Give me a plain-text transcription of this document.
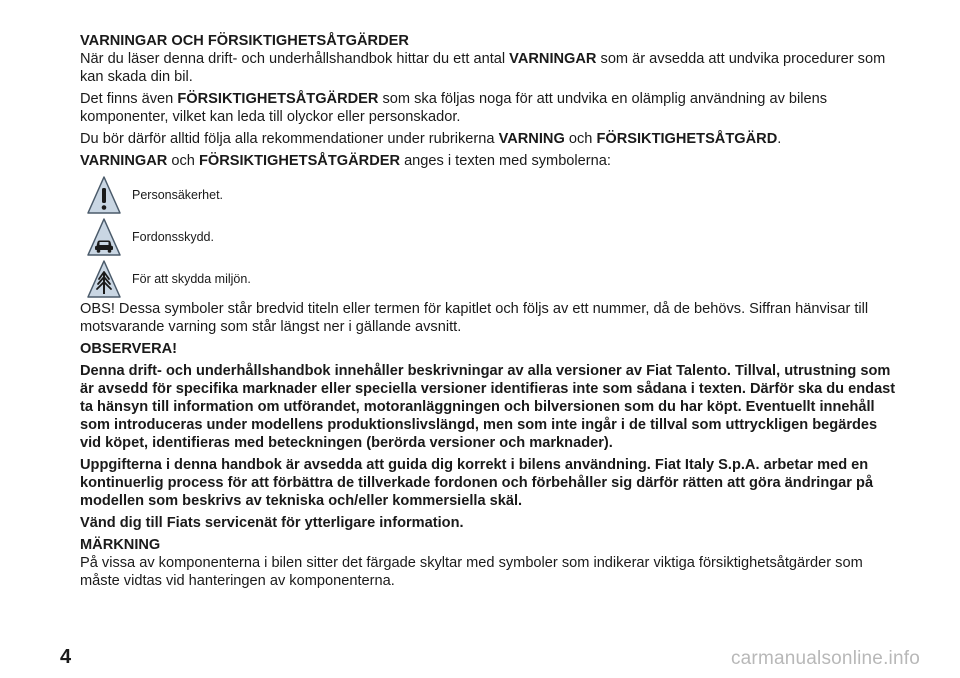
VARNINGAR OCH FÖRSIKTIGHETSÅTGÄRDER

När du läser denna drift- och underhållshandbok hittar du ett antal VARNINGAR som är avsedda att undvika procedurer som kan skada din bil.

Det finns även FÖRSIKTIGHETSÅTGÄRDER som ska följas noga för att undvika en olämplig användning av bilens komponenter, vilket kan leda till olyckor eller personskador.

Du bör därför alltid följa alla rekommendationer under rubrikerna VARNING och FÖRSIKTIGHETSÅTGÄRD.

VARNINGAR och FÖRSIKTIGHETSÅTGÄRDER anges i texten med symbolerna:

Personsäkerhet.
Fordonsskydd.
För att skydda miljön.

OBS! Dessa symboler står bredvid titeln eller termen för kapitlet och följs av ett nummer, då de behövs. Siffran hänvisar till motsvarande varning som står längst ner i gällande avsnitt.

OBSERVERA!

Denna drift- och underhållshandbok innehåller beskrivningar av alla versioner av Fiat Talento. Tillval, utrustning som är avsedd för specifika marknader eller speciella versioner identifieras inte som sådana i texten. Därför ska du endast ta hänsyn till information om utförandet, motoranläggningen och bilversionen som du har köpt. Eventuellt innehåll som introduceras under modellens produktionslivslängd, men som inte ingår i de tillval som uttryckligen begärdes vid köpet, identifieras med beteckningen (berörda versioner och marknader).

Uppgifterna i denna handbok är avsedda att guida dig korrekt i bilens användning. Fiat Italy S.p.A. arbetar med en kontinuerlig process för att förbättra de tillverkade fordonen och förbehåller sig därför rätten att göra ändringar på modellen som beskrivs av tekniska och/eller kommersiella skäl.

Vänd dig till Fiats servicenät för ytterligare information.

MÄRKNING

På vissa av komponenterna i bilen sitter det färgade skyltar med symboler som indikerar viktiga försiktighetsåtgärder som måste vidtas vid hanteringen av komponenterna.

4	carmanualsonline.info
